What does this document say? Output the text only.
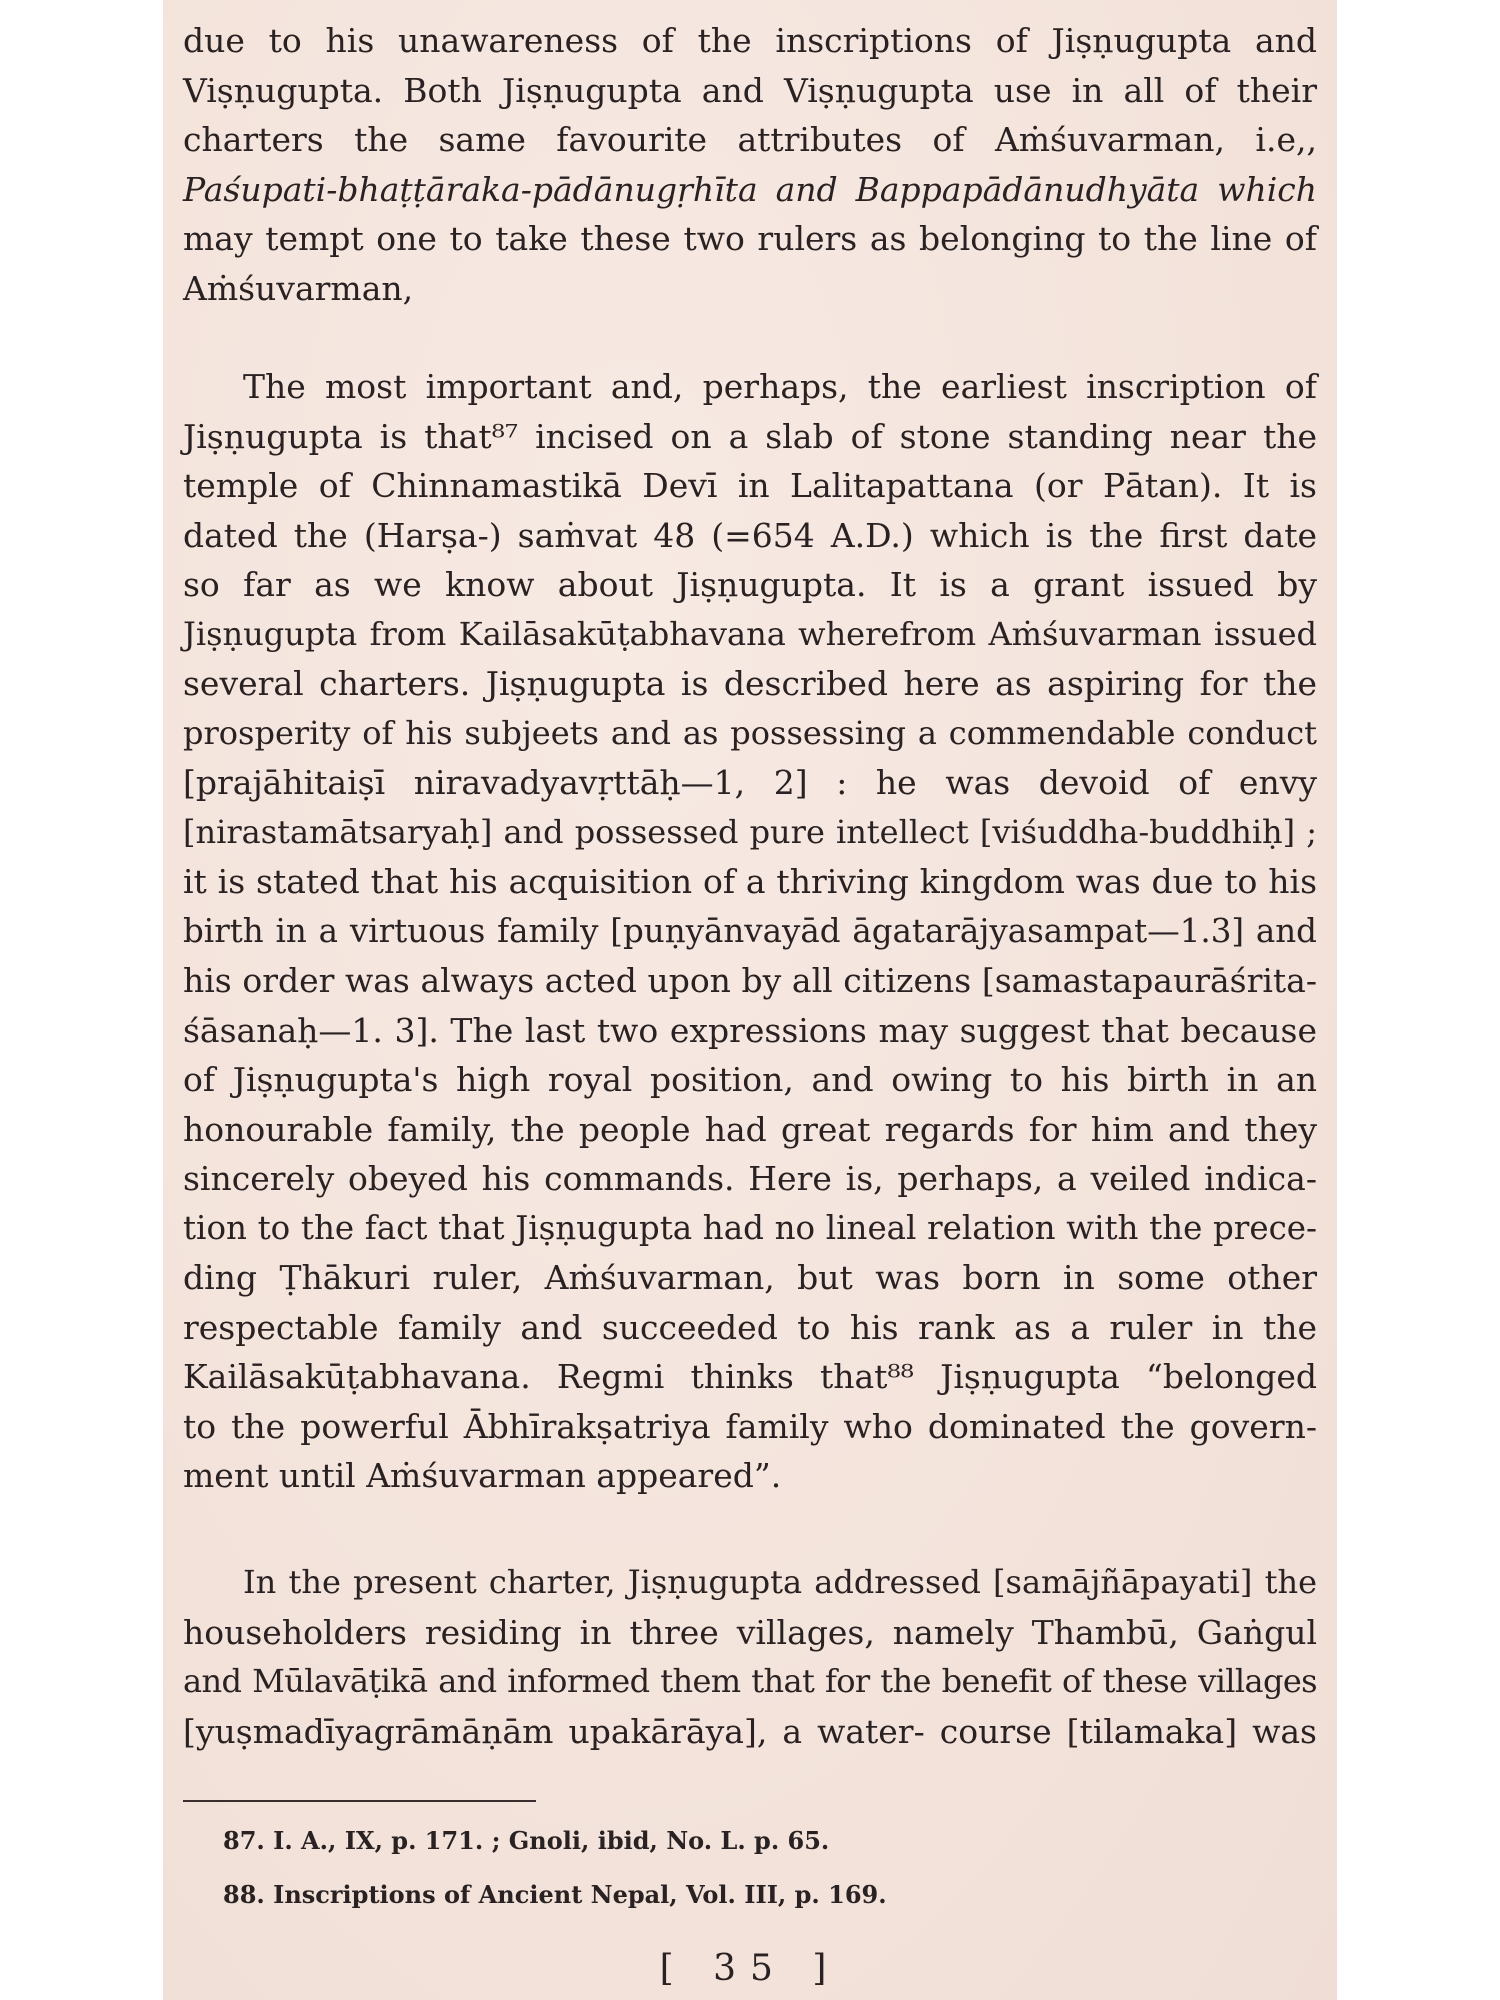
due to his unawareness of the inscriptions of Jiṣṇugupta and
Viṣṇugupta. Both Jiṣṇugupta and Viṣṇugupta use in all of their
charters the same favourite attributes of Aṁśuvarman, i.e,,
Paśupati-bhaṭṭāraka-pādānugṛhīta and Bappapādānudhyāta which
may tempt one to take these two rulers as belonging to the line of
Aṁśuvarman,

The most important and, perhaps, the earliest inscription of
Jiṣṇugupta is that⁸⁷ incised on a slab of stone standing near the
temple of Chinnamastikā Devī in Lalitapattana (or Pātan). It is
dated the (Harṣa-) saṁvat 48 (=654 A.D.) which is the first date
so far as we know about Jiṣṇugupta. It is a grant issued by
Jiṣṇugupta from Kailāsakūṭabhavana wherefrom Aṁśuvarman issued
several charters. Jiṣṇugupta is described here as aspiring for the
prosperity of his subjeets and as possessing a commendable conduct
[prajāhitaiṣī niravadyavṛttāḥ—1, 2] : he was devoid of envy
[nirastamātsaryaḥ] and possessed pure intellect [viśuddha-buddhiḥ] ;
it is stated that his acquisition of a thriving kingdom was due to his
birth in a virtuous family [puṇyānvayād āgatarājyasampat—1.3] and
his order was always acted upon by all citizens [samastapaurāśrita-
śāsanaḥ—1. 3]. The last two expressions may suggest that because
of Jiṣṇugupta's high royal position, and owing to his birth in an
honourable family, the people had great regards for him and they
sincerely obeyed his commands. Here is, perhaps, a veiled indica-
tion to the fact that Jiṣṇugupta had no lineal relation with the prece-
ding Ṭhākuri ruler, Aṁśuvarman, but was born in some other
respectable family and succeeded to his rank as a ruler in the
Kailāsakūṭabhavana. Regmi thinks that⁸⁸ Jiṣṇugupta “belonged
to the powerful Ābhīrakṣatriya family who dominated the govern-
ment until Aṁśuvarman appeared”.

In the present charter, Jiṣṇugupta addressed [samājñāpayati] the
householders residing in three villages, namely Thambū, Gaṅgul
and Mūlavāṭikā and informed them that for the benefit of these villages
[yuṣmadīyagrāmāṇām upakārāya], a water- course [tilamaka] was

87. I. A., IX, p. 171. ; Gnoli, ibid, No. L. p. 65.
88. Inscriptions of Ancient Nepal, Vol. III, p. 169.
[ 35 ]
